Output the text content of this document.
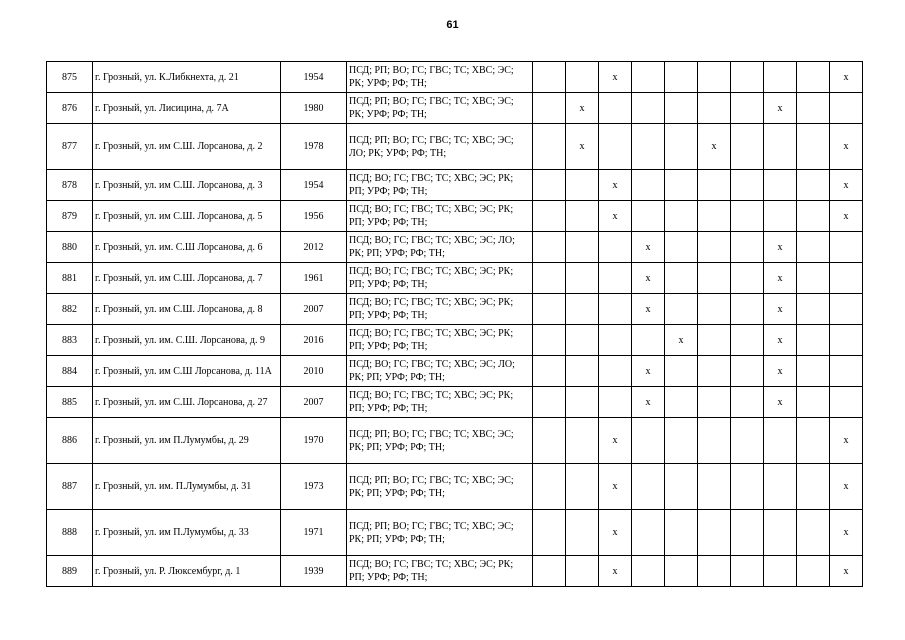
61
875	г. Грозный, ул. К.Либкнехта, д. 21	1954	ПСД; РП; ВО; ГС; ГВС; ТС; ХВС; ЭС; РК; УРФ; РФ; ТН;			x							x
876	г. Грозный, ул. Лисицина, д. 7А	1980	ПСД; РП; ВО; ГС; ГВС; ТС; ХВС; ЭС; РК; УРФ; РФ; ТН;		x						x		
877	г. Грозный, ул. им С.Ш. Лорсанова, д. 2	1978	ПСД; РП; ВО; ГС; ГВС; ТС; ХВС; ЭС; ЛО; РК; УРФ; РФ; ТН;		x				x				x
878	г. Грозный, ул. им С.Ш. Лорсанова, д. 3	1954	ПСД; ВО; ГС; ГВС; ТС; ХВС; ЭС; РК; РП; УРФ; РФ; ТН;			x							x
879	г. Грозный, ул. им С.Ш. Лорсанова, д. 5	1956	ПСД; ВО; ГС; ГВС; ТС; ХВС; ЭС; РК; РП; УРФ; РФ; ТН;			x							x
880	г. Грозный, ул. им. С.Ш Лорсанова, д. 6	2012	ПСД; ВО; ГС; ГВС; ТС; ХВС; ЭС; ЛО; РК; РП; УРФ; РФ; ТН;				x				x		
881	г. Грозный, ул. им С.Ш. Лорсанова, д. 7	1961	ПСД; ВО; ГС; ГВС; ТС; ХВС; ЭС; РК; РП; УРФ; РФ; ТН;				x				x		
882	г. Грозный, ул. им С.Ш. Лорсанова, д. 8	2007	ПСД; ВО; ГС; ГВС; ТС; ХВС; ЭС; РК; РП; УРФ; РФ; ТН;				x				x		
883	г. Грозный, ул. им. С.Ш. Лорсанова, д. 9	2016	ПСД; ВО; ГС; ГВС; ТС; ХВС; ЭС; РК; РП; УРФ; РФ; ТН;					x			x		
884	г. Грозный, ул. им С.Ш Лорсанова, д. 11А	2010	ПСД; ВО; ГС; ГВС; ТС; ХВС; ЭС; ЛО; РК; РП; УРФ; РФ; ТН;				x				x		
885	г. Грозный, ул. им С.Ш. Лорсанова, д. 27	2007	ПСД; ВО; ГС; ГВС; ТС; ХВС; ЭС; РК; РП; УРФ; РФ; ТН;				x				x		
886	г. Грозный, ул. им П.Лумумбы, д. 29	1970	ПСД; РП; ВО; ГС; ГВС; ТС; ХВС; ЭС; РК; РП; УРФ; РФ; ТН;			x							x
887	г. Грозный, ул. им. П.Лумумбы, д. 31	1973	ПСД; РП; ВО; ГС; ГВС; ТС; ХВС; ЭС; РК; РП; УРФ; РФ; ТН;			x							x
888	г. Грозный, ул. им П.Лумумбы, д. 33	1971	ПСД; РП; ВО; ГС; ГВС; ТС; ХВС; ЭС; РК; РП; УРФ; РФ; ТН;			x							x
889	г. Грозный, ул. Р. Люксембург, д. 1	1939	ПСД; ВО; ГС; ГВС; ТС; ХВС; ЭС; РК; РП; УРФ; РФ; ТН;			x							x
